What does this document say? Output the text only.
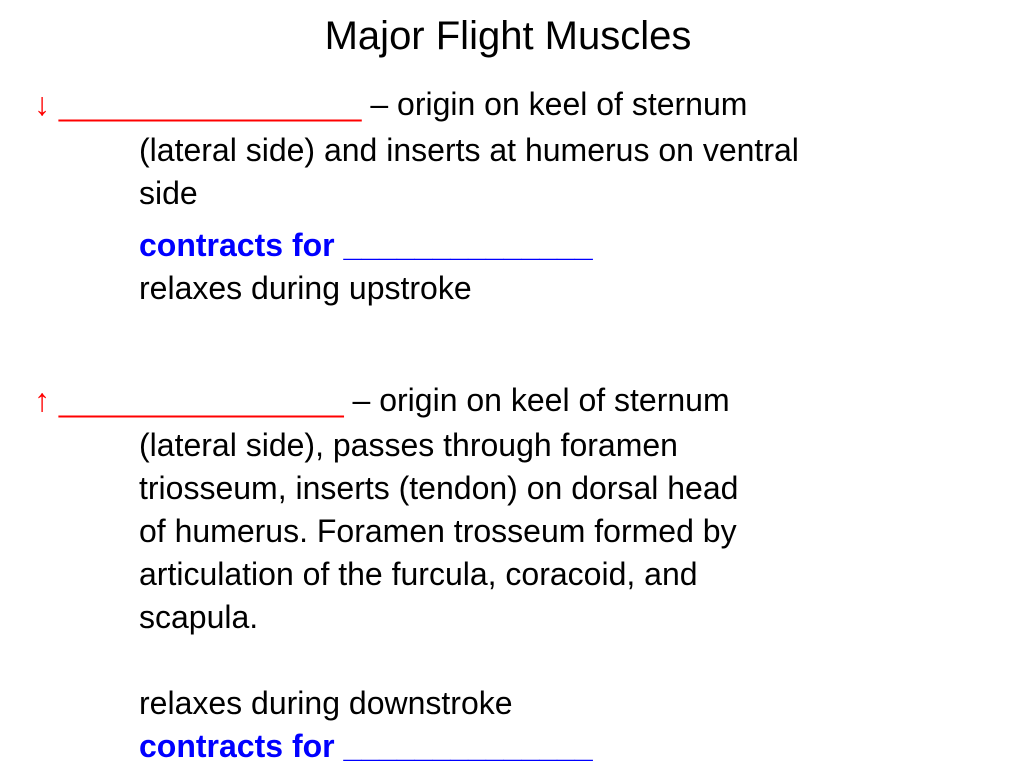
Major Flight Muscles
↓ _________________ – origin on keel of sternum
(lateral side) and inserts at humerus on ventral
side
contracts for ______________
relaxes during upstroke
↑ ________________ – origin on keel of sternum
(lateral side), passes through foramen
triosseum, inserts (tendon) on dorsal head
of humerus. Foramen trosseum formed by
articulation of the furcula, coracoid, and
scapula.
relaxes during downstroke
contracts for ______________
